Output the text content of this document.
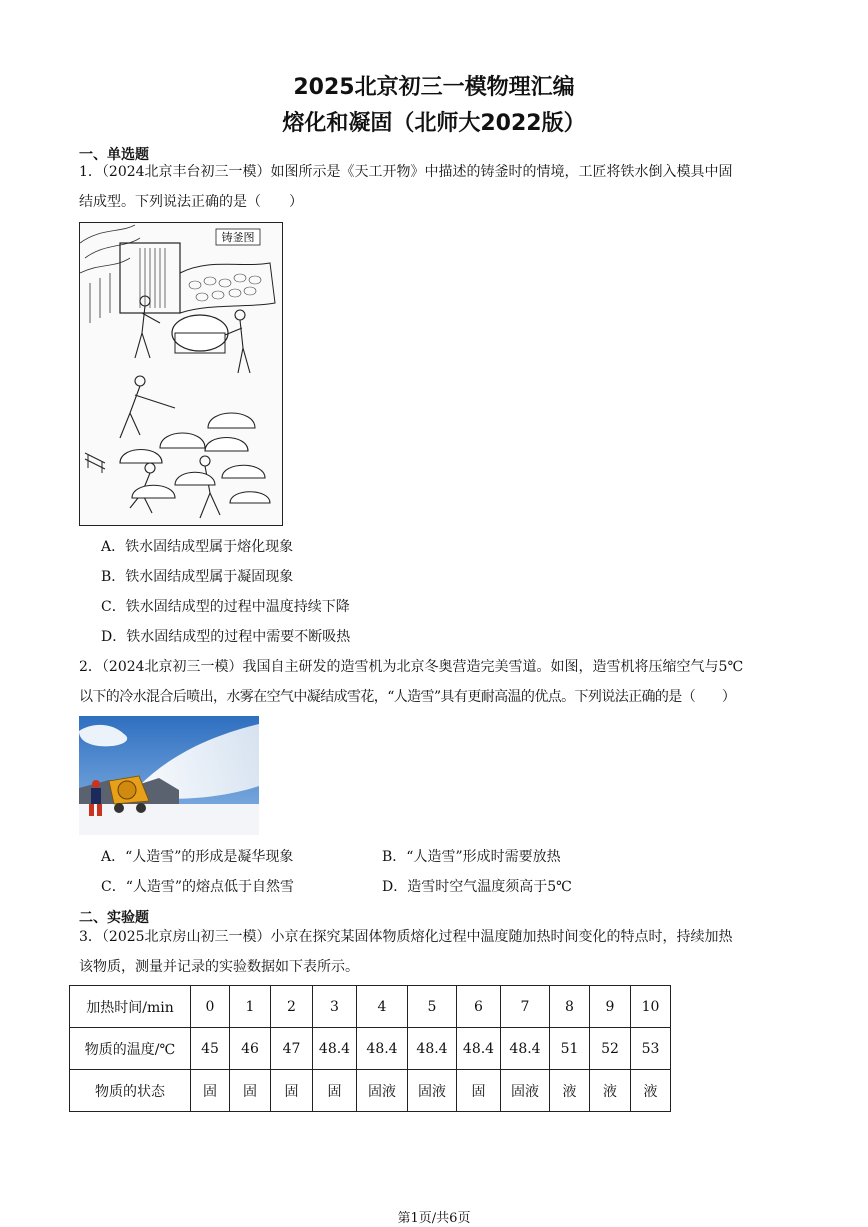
2025北京初三一模物理汇编
熔化和凝固（北师大2022版）
一、单选题
1．（2024北京丰台初三一模）如图所示是《天工开物》中描述的铸釜时的情境，工匠将铁水倒入模具中固
结成型。下列说法正确的是（　　）
铸釜图
A．铁水固结成型属于熔化现象
B．铁水固结成型属于凝固现象
C．铁水固结成型的过程中温度持续下降
D．铁水固结成型的过程中需要不断吸热
2．（2024北京初三一模）我国自主研发的造雪机为北京冬奥营造完美雪道。如图，造雪机将压缩空气与5℃
以下的冷水混合后喷出，水雾在空气中凝结成雪花，“人造雪”具有更耐高温的优点。下列说法正确的是（　　）
A．“人造雪”的形成是凝华现象	B．“人造雪”形成时需要放热
C．“人造雪”的熔点低于自然雪	D．造雪时空气温度须高于5℃
二、实验题
3．（2025北京房山初三一模）小京在探究某固体物质熔化过程中温度随加热时间变化的特点时，持续加热
该物质，测量并记录的实验数据如下表所示。
加热时间/min	0	1	2	3	4	5	6	7	8	9	10
物质的温度/℃	45	46	47	48.4	48.4	48.4	48.4	48.4	51	52	53
物质的状态	固	固	固	固	固液	固液	固	固液	液	液	液
第1页/共6页
